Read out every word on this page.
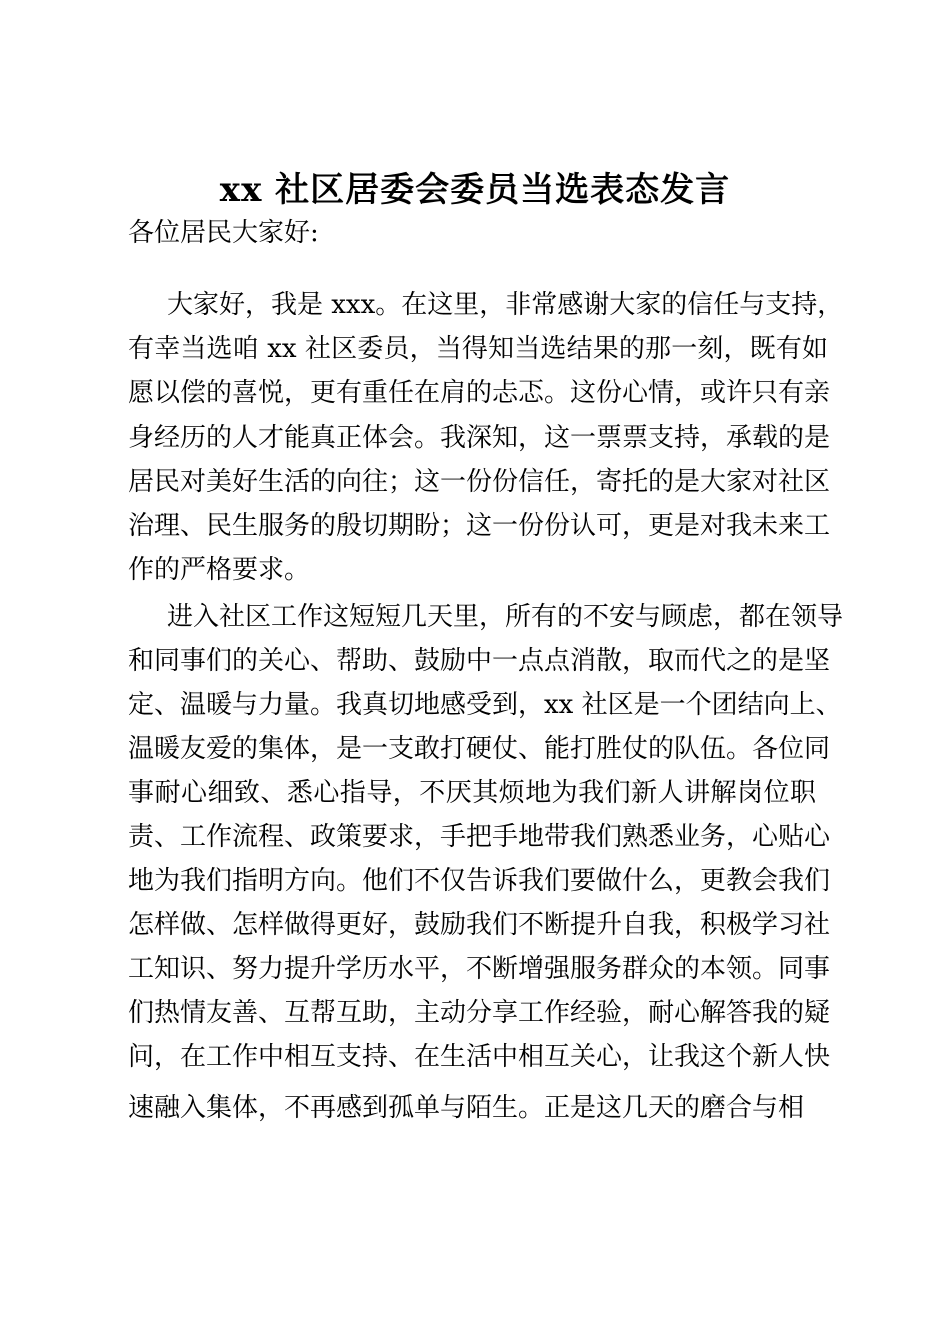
xx 社区居委会委员当选表态发言
各位居民大家好:
大家好，我是 xxx。在这里，非常感谢大家的信任与支持，
有幸当选咱 xx 社区委员，当得知当选结果的那一刻，既有如
愿以偿的喜悦，更有重任在肩的忐忑。这份心情，或许只有亲
身经历的人才能真正体会。我深知，这一票票支持，承载的是
居民对美好生活的向往；这一份份信任，寄托的是大家对社区
治理、民生服务的殷切期盼；这一份份认可，更是对我未来工
作的严格要求。
进入社区工作这短短几天里，所有的不安与顾虑，都在领导
和同事们的关心、帮助、鼓励中一点点消散，取而代之的是坚
定、温暖与力量。我真切地感受到，xx 社区是一个团结向上、
温暖友爱的集体，是一支敢打硬仗、能打胜仗的队伍。各位同
事耐心细致、悉心指导，不厌其烦地为我们新人讲解岗位职
责、工作流程、政策要求，手把手地带我们熟悉业务，心贴心
地为我们指明方向。他们不仅告诉我们要做什么，更教会我们
怎样做、怎样做得更好，鼓励我们不断提升自我，积极学习社
工知识、努力提升学历水平，不断增强服务群众的本领。同事
们热情友善、互帮互助，主动分享工作经验，耐心解答我的疑
问，在工作中相互支持、在生活中相互关心，让我这个新人快
速融入集体，不再感到孤单与陌生。正是这几天的磨合与相
